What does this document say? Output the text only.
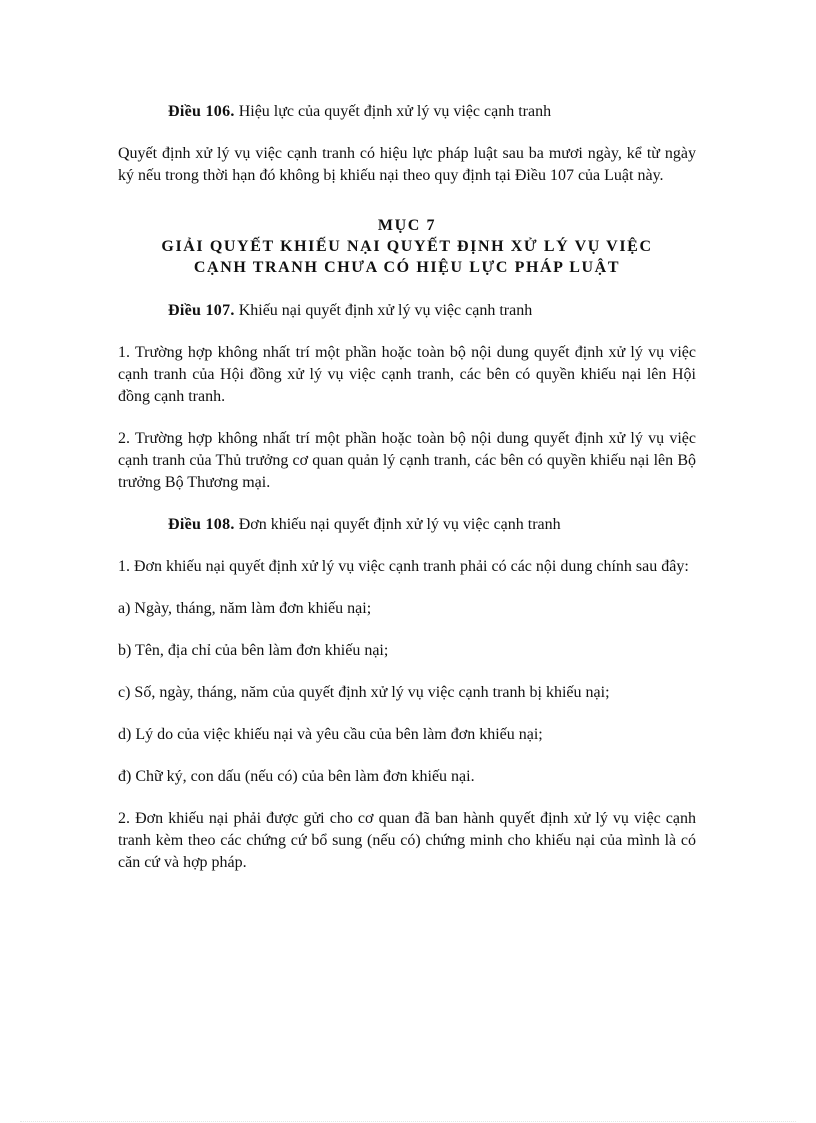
Điều 106. Hiệu lực của quyết định xử lý vụ việc cạnh tranh

Quyết định xử lý vụ việc cạnh tranh có hiệu lực pháp luật sau ba mươi ngày, kể từ ngày ký nếu trong thời hạn đó không bị khiếu nại theo quy định tại Điều 107 của Luật này.

MỤC 7
GIẢI QUYẾT KHIẾU NẠI QUYẾT ĐỊNH XỬ LÝ VỤ VIỆC
CẠNH TRANH CHƯA CÓ HIỆU LỰC PHÁP LUẬT
Điều 107. Khiếu nại quyết định xử lý vụ việc cạnh tranh

1. Trường hợp không nhất trí một phần hoặc toàn bộ nội dung quyết định xử lý vụ việc cạnh tranh của Hội đồng xử lý vụ việc cạnh tranh, các bên có quyền khiếu nại lên Hội đồng cạnh tranh.

2. Trường hợp không nhất trí một phần hoặc toàn bộ nội dung quyết định xử lý vụ việc cạnh tranh của Thủ trưởng cơ quan quản lý cạnh tranh, các bên có quyền khiếu nại lên Bộ trưởng Bộ Thương mại.

Điều 108. Đơn khiếu nại quyết định xử lý vụ việc cạnh tranh

1. Đơn khiếu nại quyết định xử lý vụ việc cạnh tranh phải có các nội dung chính sau đây:

a) Ngày, tháng, năm làm đơn khiếu nại;

b) Tên, địa chỉ của bên làm đơn khiếu nại;

c) Số, ngày, tháng, năm của quyết định xử lý vụ việc cạnh tranh bị khiếu nại;

d) Lý do của việc khiếu nại và yêu cầu của bên làm đơn khiếu nại;

đ) Chữ ký, con dấu (nếu có) của bên làm đơn khiếu nại.

2. Đơn khiếu nại phải được gửi cho cơ quan đã ban hành quyết định xử lý vụ việc cạnh tranh kèm theo các chứng cứ bổ sung (nếu có) chứng minh cho khiếu nại của mình là có căn cứ và hợp pháp.
